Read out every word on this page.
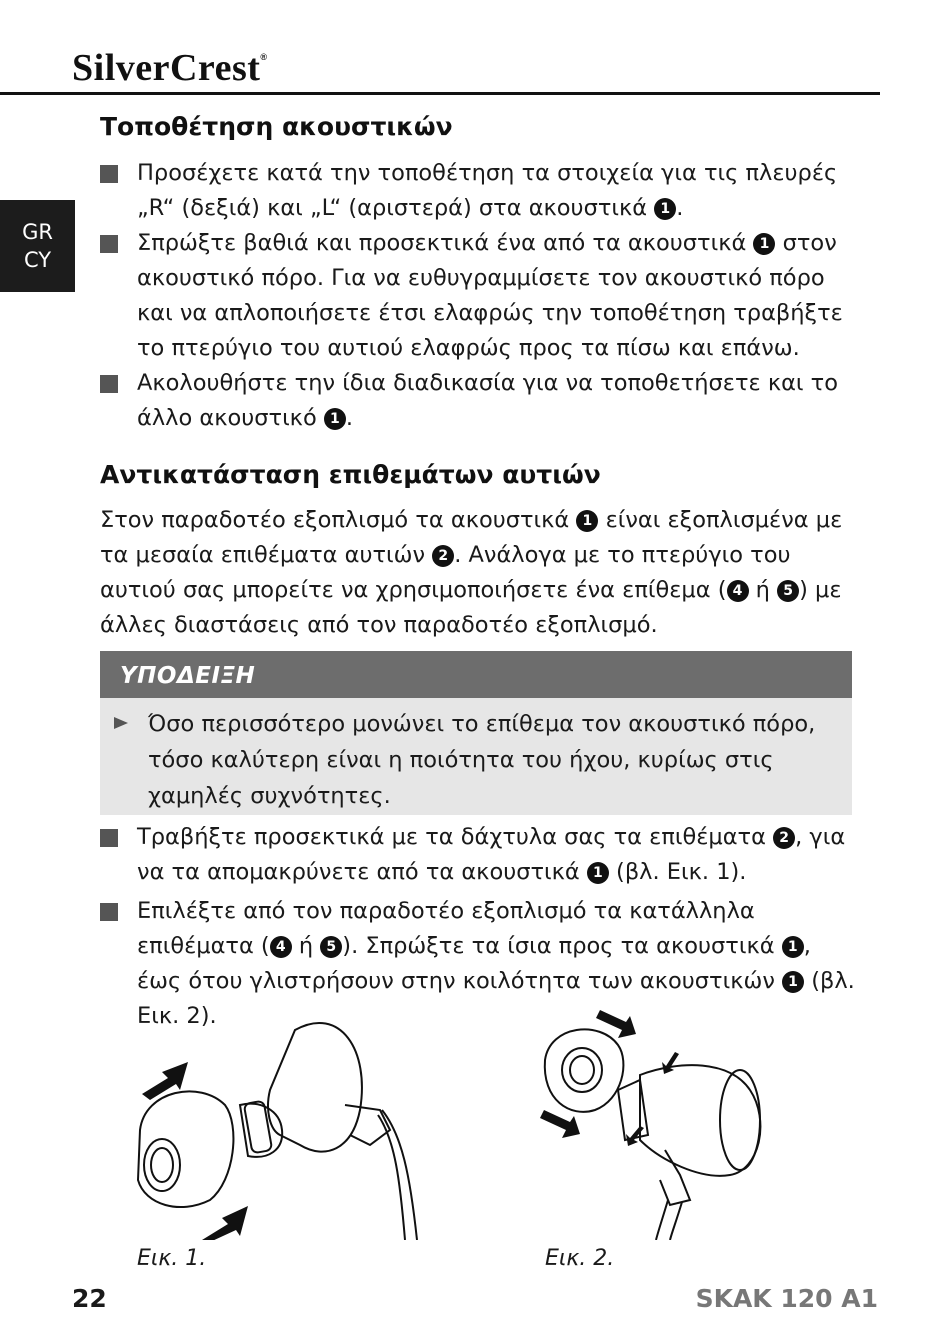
SilverCrest®
GR
CY
Τοποθέτηση ακουστικών
Προσέχετε κατά την τοποθέτηση τα στοιχεία για τις πλευρές „R“ (δεξιά) και „L“ (αριστερά) στα ακουστικά 1 .
Σπρώξτε βαθιά και προσεκτικά ένα από τα ακουστικά 1 στον ακουστικό πόρο. Για να ευθυγραμμίσετε τον ακουστικό πόρο και να απλοποιήσετε έτσι ελαφρώς την τοποθέτηση τραβήξτε το πτερύγιο του αυτιού ελαφρώς προς τα πίσω και επάνω.
Ακολουθήστε την ίδια διαδικασία για να τοποθετήσετε και το άλλο ακουστικό 1 .
Αντικατάσταση επιθεμάτων αυτιών

Στον παραδοτέο εξοπλισμό τα ακουστικά 1 είναι εξοπλισμένα με τα μεσαία επιθέματα αυτιών 2 . Ανάλογα με το πτερύγιο του αυτιού σας μπορείτε να χρησιμοποιήσετε ένα επίθεμα ( 4 ή 5 ) με άλλες διαστάσεις από τον παραδοτέο εξοπλισμό.

ΥΠΟΔΕΙΞΗ
Όσο περισσότερο μονώνει το επίθεμα τον ακουστικό πόρο, τόσο καλύτερη είναι η ποιότητα του ήχου, κυρίως στις χαμηλές συχνότητες.
Τραβήξτε προσεκτικά με τα δάχτυλα σας τα επιθέματα 2 , για να τα απομακρύνετε από τα ακουστικά 1 (βλ. Εικ. 1).
Επιλέξτε από τον παραδοτέο εξοπλισμό τα κατάλληλα επιθέματα ( 4 ή 5 ). Σπρώξτε τα ίσια προς τα ακουστικά 1 , έως ότου γλιστρήσουν στην κοιλότητα των ακουστικών 1 (βλ. Εικ. 2).
Εικ. 1.	Εικ. 2.
22	SKAK 120 A1
